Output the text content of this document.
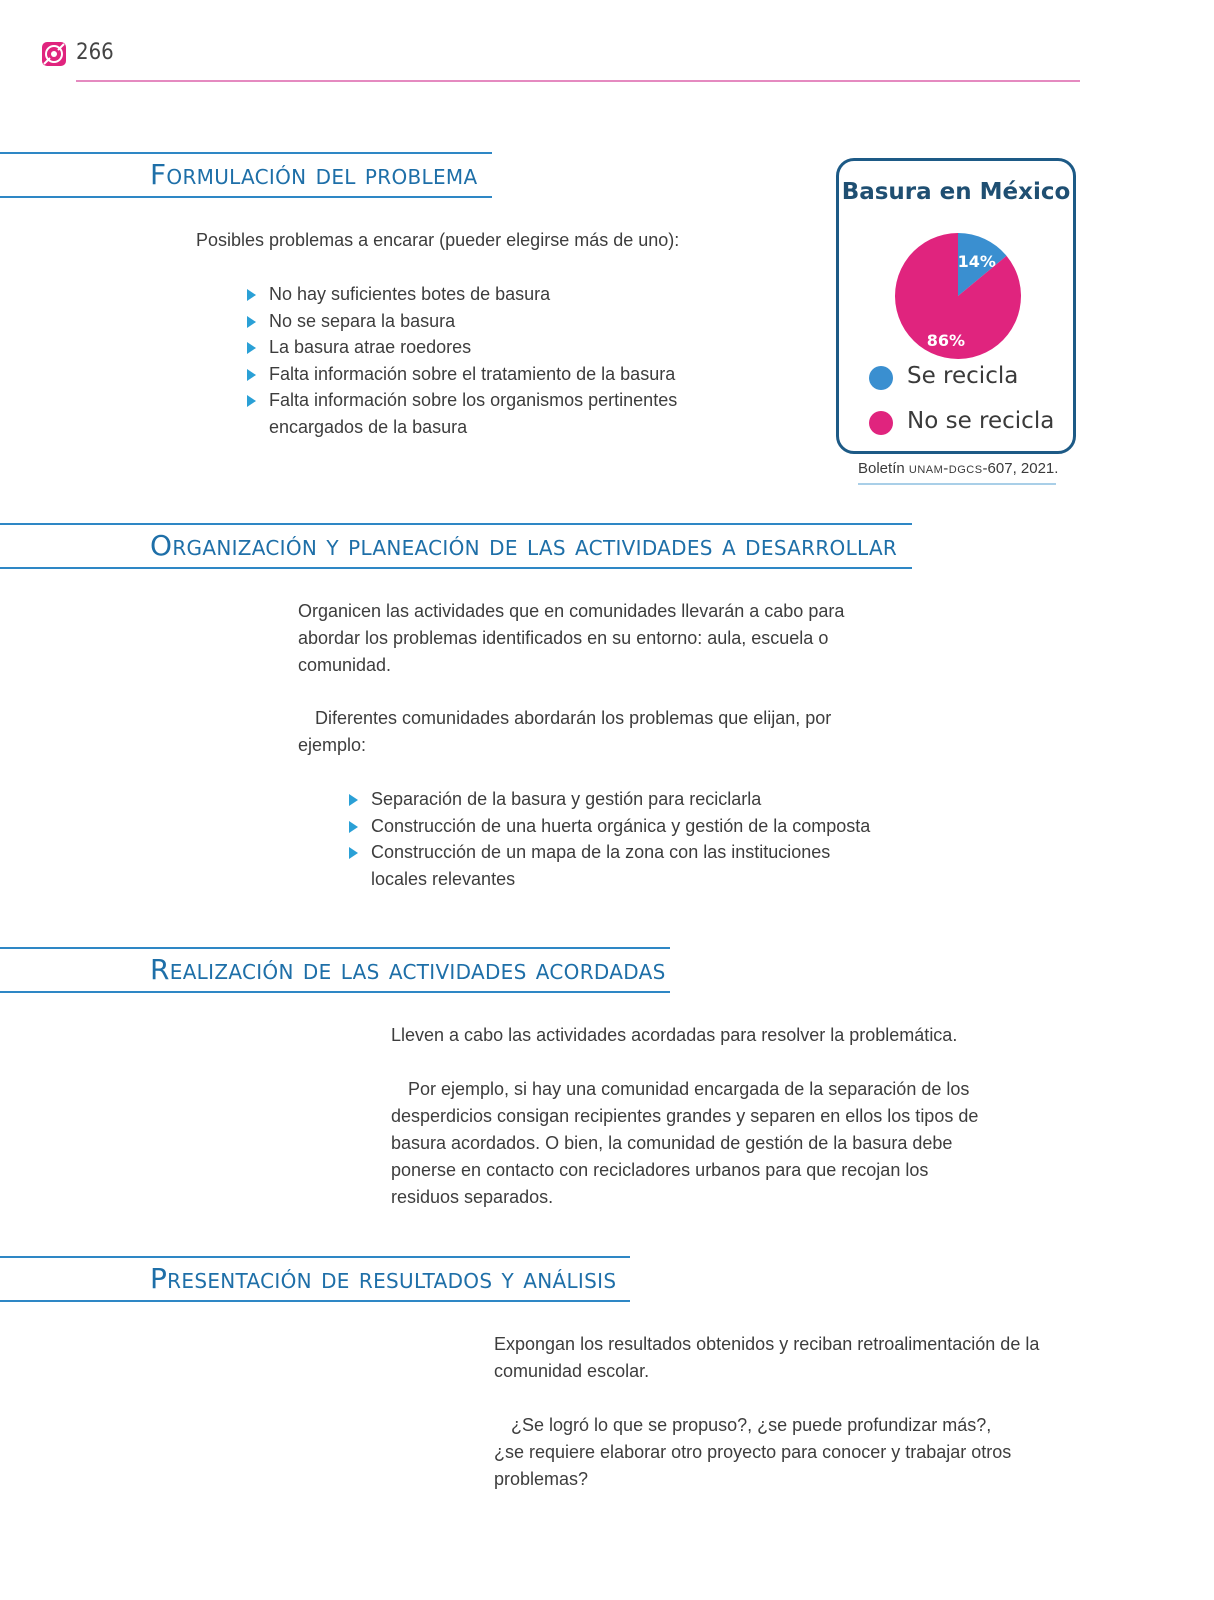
266
Formulación del problema
Posibles problemas a encarar (pueder elegirse más de uno):
No hay suficientes botes de basura
No se separa la basura
La basura atrae roedores
Falta información sobre el tratamiento de la basura
Falta información sobre los organismos pertinentes encargados de la basura
Basura en México
14%
86%
Se recicla
No se recicla
Boletín unam-dgcs-607, 2021.
Organización y planeación de las actividades a desarrollar
Organicen las actividades que en comunidades llevarán a cabo para abordar los problemas identificados en su entorno: aula, escuela o comunidad.
Diferentes comunidades abordarán los problemas que elijan, por ejemplo:
Separación de la basura y gestión para reciclarla
Construcción de una huerta orgánica y gestión de la composta
Construcción de un mapa de la zona con las instituciones locales relevantes
Realización de las actividades acordadas
Lleven a cabo las actividades acordadas para resolver la problemática.
Por ejemplo, si hay una comunidad encargada de la separación de los desperdicios consigan recipientes grandes y separen en ellos los tipos de basura acordados. O bien, la comunidad de gestión de la basura debe ponerse en contacto con recicladores urbanos para que recojan los residuos separados.
Presentación de resultados y análisis
Expongan los resultados obtenidos y reciban retroalimentación de la comunidad escolar.
¿Se logró lo que se propuso?, ¿se puede profundizar más?, ¿se requiere elaborar otro proyecto para conocer y trabajar otros problemas?
